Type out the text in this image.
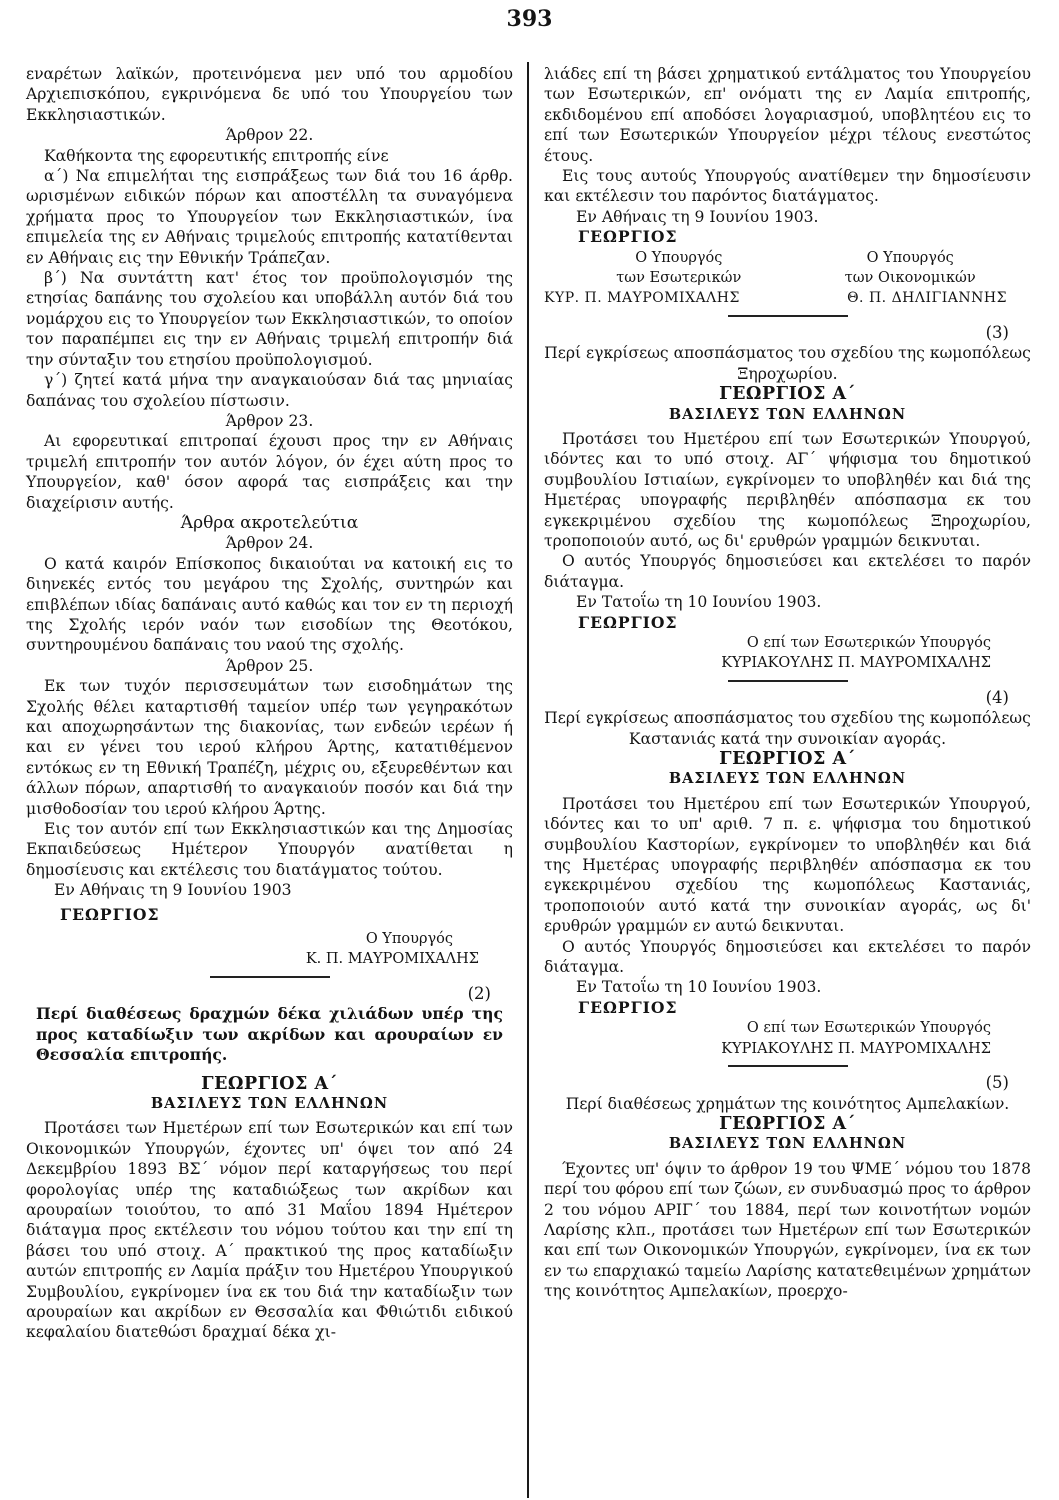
393

εναρέτων λαϊκών, προτεινόμενα μεν υπό του αρμοδίου Αρχιεπισκόπου, εγκρινόμενα δε υπό του Υπουργείου των Εκκλησιαστικών.

Άρθρον 22.

Καθήκοντα της εφορευτικής επιτροπής είνε

α΄) Να επιμελήται της εισπράξεως των διά του 16 άρθρ. ωρισμένων ειδικών πόρων και αποστέλλη τα συναγόμενα χρήματα προς το Υπουργείον των Εκκλησιαστικών, ίνα επιμελεία της εν Αθήναις τριμελούς επιτροπής κατατίθενται εν Αθήναις εις την Εθνικήν Τράπεζαν.

β΄) Να συντάττη κατ' έτος τον προϋπολογισμόν της ετησίας δαπάνης του σχολείου και υποβάλλη αυτόν διά του νομάρχου εις το Υπουργείον των Εκκλησιαστικών, το οποίον τον παραπέμπει εις την εν Αθήναις τριμελή επιτροπήν διά την σύνταξιν του ετησίου προϋπολογισμού.

γ΄) ζητεί κατά μήνα την αναγκαιούσαν διά τας μηνιαίας δαπάνας του σχολείου πίστωσιν.

Άρθρον 23.

Αι εφορευτικαί επιτροπαί έχουσι προς την εν Αθήναις τριμελή επιτροπήν τον αυτόν λόγον, όν έχει αύτη προς το Υπουργείον, καθ' όσον αφορά τας εισπράξεις και την διαχείρισιν αυτής.

Άρθρα ακροτελεύτια

Άρθρον 24.

Ο κατά καιρόν Επίσκοπος δικαιούται να κατοική εις το διηνεκές εντός του μεγάρου της Σχολής, συντηρών και επιβλέπων ιδίας δαπάναις αυτό καθώς και τον εν τη περιοχή της Σχολής ιερόν ναόν των εισοδίων της Θεοτόκου, συντηρουμένου δαπάναις του ναού της σχολής.

Άρθρον 25.

Εκ των τυχόν περισσευμάτων των εισοδημάτων της Σχολής θέλει καταρτισθή ταμείον υπέρ των γεγηρακότων και αποχωρησάντων της διακονίας, των ενδεών ιερέων ή και εν γένει του ιερού κλήρου Άρτης, κατατιθέμενον εντόκως εν τη Εθνική Τραπέζη, μέχρις ου, εξευρεθέντων και άλλων πόρων, απαρτισθή το αναγκαιούν ποσόν και διά την μισθοδοσίαν του ιερού κλήρου Άρτης.

Εις τον αυτόν επί των Εκκλησιαστικών και της Δημοσίας Εκπαιδεύσεως Ημέτερον Υπουργόν ανατίθεται η δημοσίευσις και εκτέλεσις του διατάγματος τούτου.

Εν Αθήναις τη 9 Ιουνίου 1903

ΓΕΩΡΓΙΟΣ

Ο Υπουργός

Κ. Π. ΜΑΥΡΟΜΙΧΑΛΗΣ

(2)

Περί διαθέσεως δραχμών δέκα χιλιάδων υπέρ της προς καταδίωξιν των ακρίδων και αρουραίων εν Θεσσαλία επιτροπής.

ΓΕΩΡΓΙΟΣ Α΄

ΒΑΣΙΛΕΥΣ ΤΩΝ ΕΛΛΗΝΩΝ

Προτάσει των Ημετέρων επί των Εσωτερικών και επί των Οικονομικών Υπουργών, έχοντες υπ' όψει τον από 24 Δεκεμβρίου 1893 ΒΣ΄ νόμον περί καταργήσεως του περί φορολογίας υπέρ της καταδιώξεως των ακρίδων και αρουραίων τοιούτου, το από 31 Μαΐου 1894 Ημέτερον διάταγμα προς εκτέλεσιν του νόμου τούτου και την επί τη βάσει του υπό στοιχ. Α΄ πρακτικού της προς καταδίωξιν αυτών επιτροπής εν Λαμία πράξιν του Ημετέρου Υπουργικού Συμβουλίου, εγκρίνομεν ίνα εκ του διά την καταδίωξιν των αρουραίων και ακρίδων εν Θεσσαλία και Φθιώτιδι ειδικού κεφαλαίου διατεθώσι δραχμαί δέκα χι-

λιάδες επί τη βάσει χρηματικού εντάλματος του Υπουργείου των Εσωτερικών, επ' ονόματι της εν Λαμία επιτροπής, εκδιδομένου επί αποδόσει λογαριασμού, υποβλητέου εις το επί των Εσωτερικών Υπουργείον μέχρι τέλους ενεστώτος έτους.

Εις τους αυτούς Υπουργούς ανατίθεμεν την δημοσίευσιν και εκτέλεσιν του παρόντος διατάγματος.

Εν Αθήναις τη 9 Ιουνίου 1903.

ΓΕΩΡΓΙΟΣ

Ο Υπουργός
των Εσωτερικών
Ο Υπουργός
των Οικονομικών
ΚΥΡ. Π. ΜΑΥΡΟΜΙΧΑΛΗΣ	Θ. Π. ΔΗΛΙΓΙΑΝΝΗΣ

(3)

Περί εγκρίσεως αποσπάσματος του σχεδίου της κωμοπόλεως Ξηροχωρίου.

ΓΕΩΡΓΙΟΣ Α΄

ΒΑΣΙΛΕΥΣ ΤΩΝ ΕΛΛΗΝΩΝ

Προτάσει του Ημετέρου επί των Εσωτερικών Υπουργού, ιδόντες και το υπό στοιχ. ΑΓ΄ ψήφισμα του δημοτικού συμβουλίου Ιστιαίων, εγκρίνομεν το υποβληθέν και διά της Ημετέρας υπογραφής περιβληθέν απόσπασμα εκ του εγκεκριμένου σχεδίου της κωμοπόλεως Ξηροχωρίου, τροποποιούν αυτό, ως δι' ερυθρών γραμμών δεικνυται.

Ο αυτός Υπουργός δημοσιεύσει και εκτελέσει το παρόν διάταγμα.

Εν Τατοΐω τη 10 Ιουνίου 1903.

ΓΕΩΡΓΙΟΣ

Ο επί των Εσωτερικών Υπουργός

ΚΥΡΙΑΚΟΥΛΗΣ Π. ΜΑΥΡΟΜΙΧΑΛΗΣ

(4)

Περί εγκρίσεως αποσπάσματος του σχεδίου της κωμοπόλεως Καστανιάς κατά την συνοικίαν αγοράς.

ΓΕΩΡΓΙΟΣ Α΄

ΒΑΣΙΛΕΥΣ ΤΩΝ ΕΛΛΗΝΩΝ

Προτάσει του Ημετέρου επί των Εσωτερικών Υπουργού, ιδόντες και το υπ' αριθ. 7 π. ε. ψήφισμα του δημοτικού συμβουλίου Καστορίων, εγκρίνομεν το υποβληθέν και διά της Ημετέρας υπογραφής περιβληθέν απόσπασμα εκ του εγκεκριμένου σχεδίου της κωμοπόλεως Καστανιάς, τροποποιούν αυτό κατά την συνοικίαν αγοράς, ως δι' ερυθρών γραμμών εν αυτώ δεικνυται.

Ο αυτός Υπουργός δημοσιεύσει και εκτελέσει το παρόν διάταγμα.

Εν Τατοΐω τη 10 Ιουνίου 1903.

ΓΕΩΡΓΙΟΣ

Ο επί των Εσωτερικών Υπουργός

ΚΥΡΙΑΚΟΥΛΗΣ Π. ΜΑΥΡΟΜΙΧΑΛΗΣ

(5)

Περί διαθέσεως χρημάτων της κοινότητος Αμπελακίων.

ΓΕΩΡΓΙΟΣ Α΄

ΒΑΣΙΛΕΥΣ ΤΩΝ ΕΛΛΗΝΩΝ

Έχοντες υπ' όψιν το άρθρον 19 του ΨΜΕ΄ νόμου του 1878 περί του φόρου επί των ζώων, εν συνδυασμώ προς το άρθρον 2 του νόμου ΑΡΙΓ΄ του 1884, περί των κοινοτήτων νομών Λαρίσης κλπ., προτάσει των Ημετέρων επί των Εσωτερικών και επί των Οικονομικών Υπουργών, εγκρίνομεν, ίνα εκ των εν τω επαρχιακώ ταμείω Λαρίσης κατατεθειμένων χρημάτων της κοινότητος Αμπελακίων, προερχο-
